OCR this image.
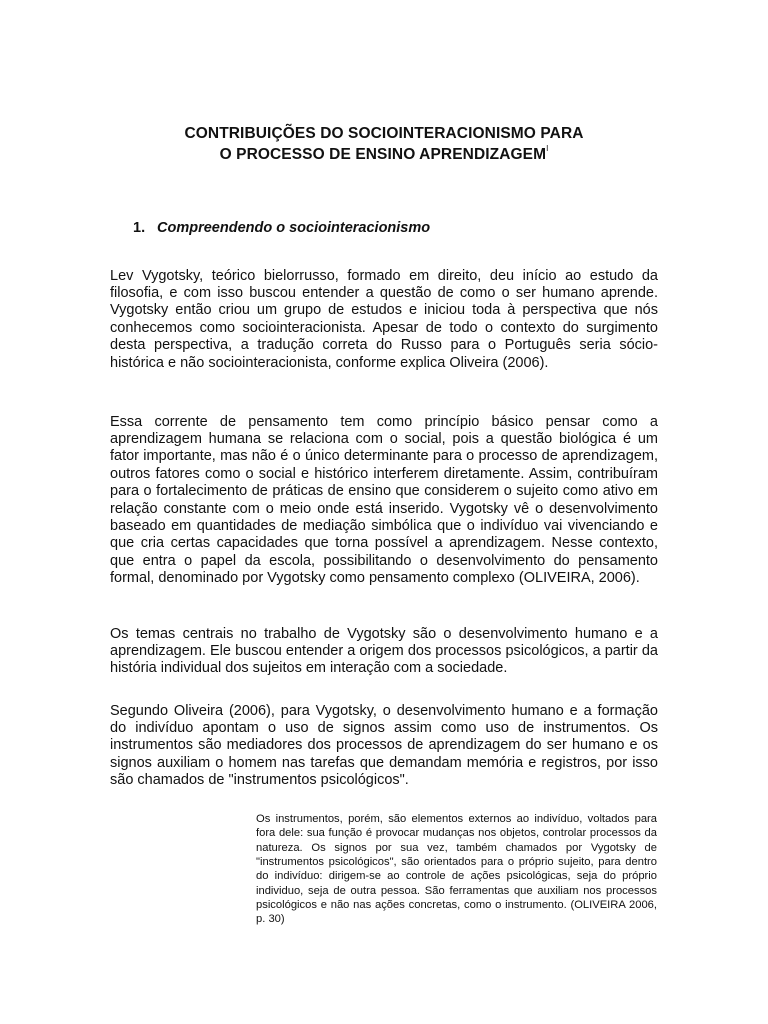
CONTRIBUIÇÕES DO SOCIOINTERACIONISMO PARA
O PROCESSO DE ENSINO $APRENDIZAGEM^I$
1. Compreendendo o sociointeracionismo

Lev Vygotsky, teórico bielorrusso, formado em direito, deu início ao estudo da filosofia, e com isso buscou entender a questão de como o ser humano aprende. Vygotsky então criou um grupo de estudos e iniciou toda à perspectiva que nós conhecemos como sociointeracionista. Apesar de todo o contexto do surgimento desta perspectiva, a tradução correta do Russo para o Português seria sócio-histórica e não sociointeracionista, conforme explica Oliveira (2006).

Essa corrente de pensamento tem como princípio básico pensar como a aprendizagem humana se relaciona com o social, pois a questão biológica é um fator importante, mas não é o único determinante para o processo de aprendizagem, outros fatores como o social e histórico interferem diretamente. Assim, contribuíram para o fortalecimento de práticas de ensino que considerem o sujeito como ativo em relação constante com o meio onde está inserido. Vygotsky vê o desenvolvimento baseado em quantidades de mediação simbólica que o indivíduo vai vivenciando e que cria certas capacidades que torna possível a aprendizagem. Nesse contexto, que entra o papel da escola, possibilitando o desenvolvimento do pensamento formal, denominado por Vygotsky como pensamento complexo (OLIVEIRA, 2006).

Os temas centrais no trabalho de Vygotsky são o desenvolvimento humano e a aprendizagem. Ele buscou entender a origem dos processos psicológicos, a partir da história individual dos sujeitos em interação com a sociedade.

Segundo Oliveira (2006), para Vygotsky, o desenvolvimento humano e a formação do indivíduo apontam o uso de signos assim como uso de instrumentos. Os instrumentos são mediadores dos processos de aprendizagem do ser humano e os signos auxiliam o homem nas tarefas que demandam memória e registros, por isso são chamados de "instrumentos psicológicos".

Os instrumentos, porém, são elementos externos ao indivíduo, voltados para fora dele: sua função é provocar mudanças nos objetos, controlar processos da natureza. Os signos por sua vez, também chamados por Vygotsky de "instrumentos psicológicos", são orientados para o próprio sujeito, para dentro do indivíduo: dirigem-se ao controle de ações psicológicas, seja do próprio individuo, seja de outra pessoa. São ferramentas que auxiliam nos processos psicológicos e não nas ações concretas, como o instrumento. (OLIVEIRA 2006, p. 30)
